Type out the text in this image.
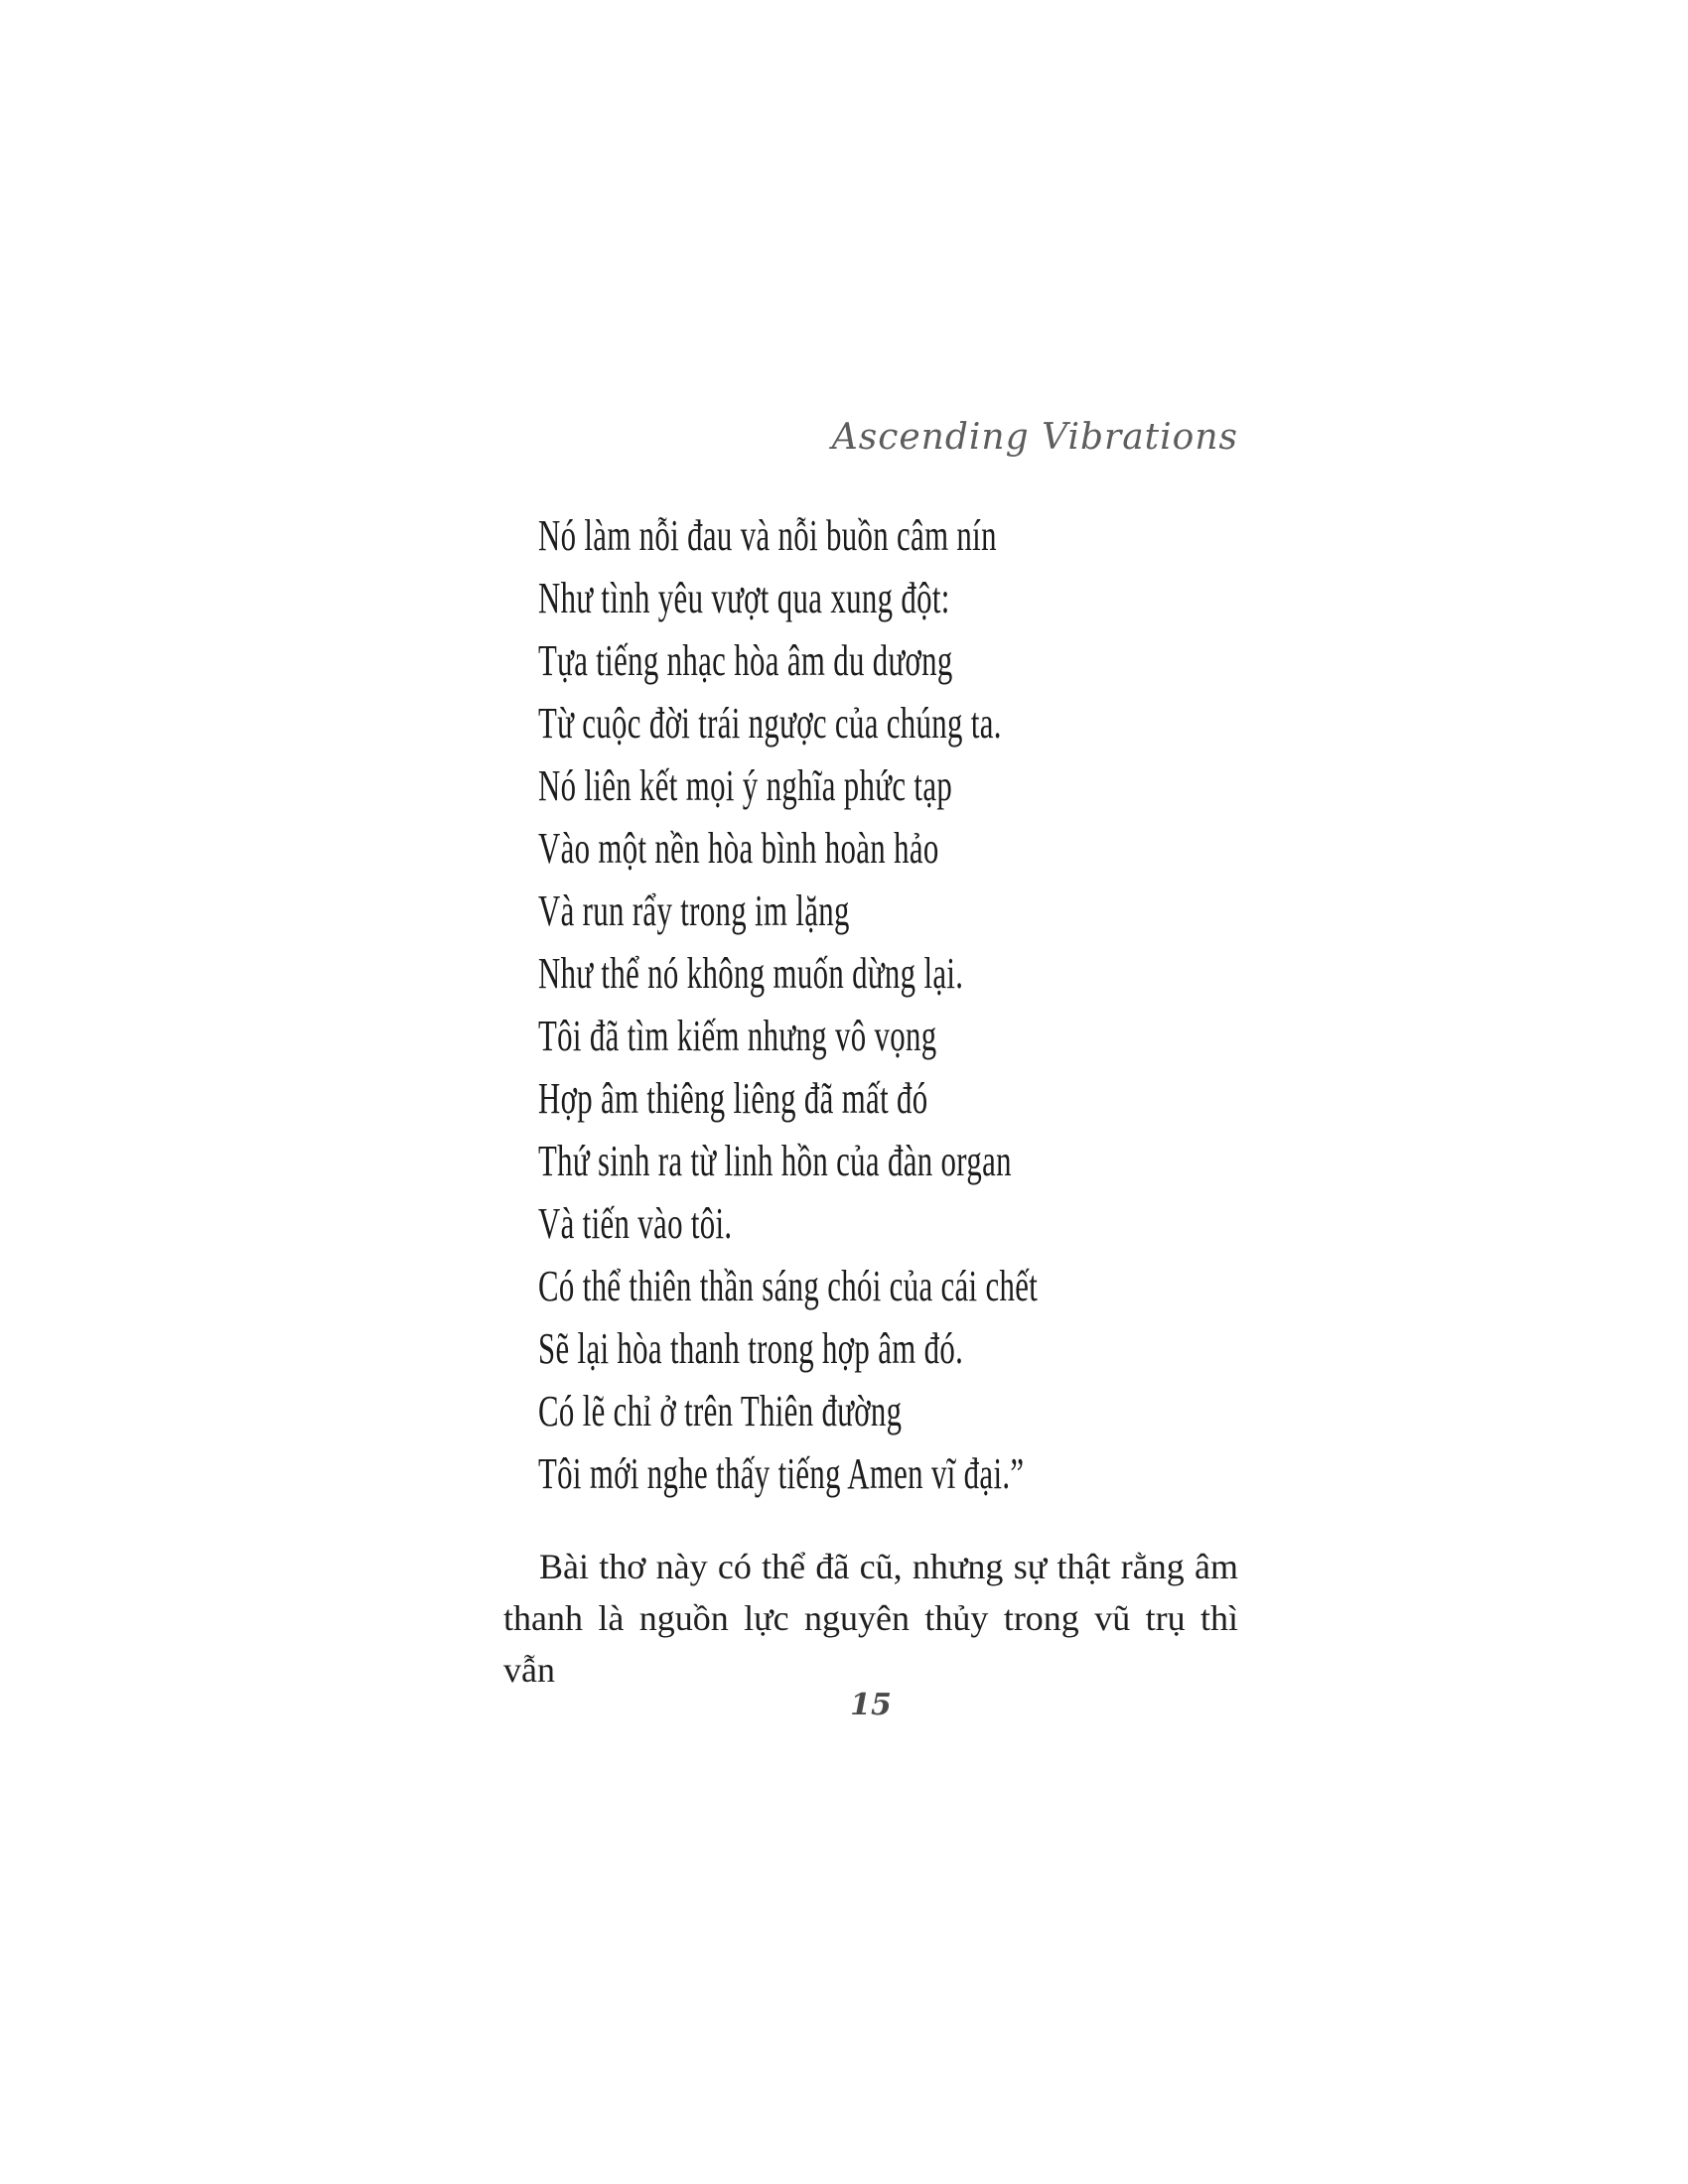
Ascending Vibrations
Nó làm nỗi đau và nỗi buồn câm nín
Như tình yêu vượt qua xung đột:
Tựa tiếng nhạc hòa âm du dương
Từ cuộc đời trái ngược của chúng ta.
Nó liên kết mọi ý nghĩa phức tạp
Vào một nền hòa bình hoàn hảo
Và run rẩy trong im lặng
Như thể nó không muốn dừng lại.
Tôi đã tìm kiếm nhưng vô vọng
Hợp âm thiêng liêng đã mất đó
Thứ sinh ra từ linh hồn của đàn organ
Và tiến vào tôi.
Có thể thiên thần sáng chói của cái chết
Sẽ lại hòa thanh trong hợp âm đó.
Có lẽ chỉ ở trên Thiên đường
Tôi mới nghe thấy tiếng Amen vĩ đại.”
Bài thơ này có thể đã cũ, nhưng sự thật rằng âm thanh là nguồn lực nguyên thủy trong vũ trụ thì vẫn
15
